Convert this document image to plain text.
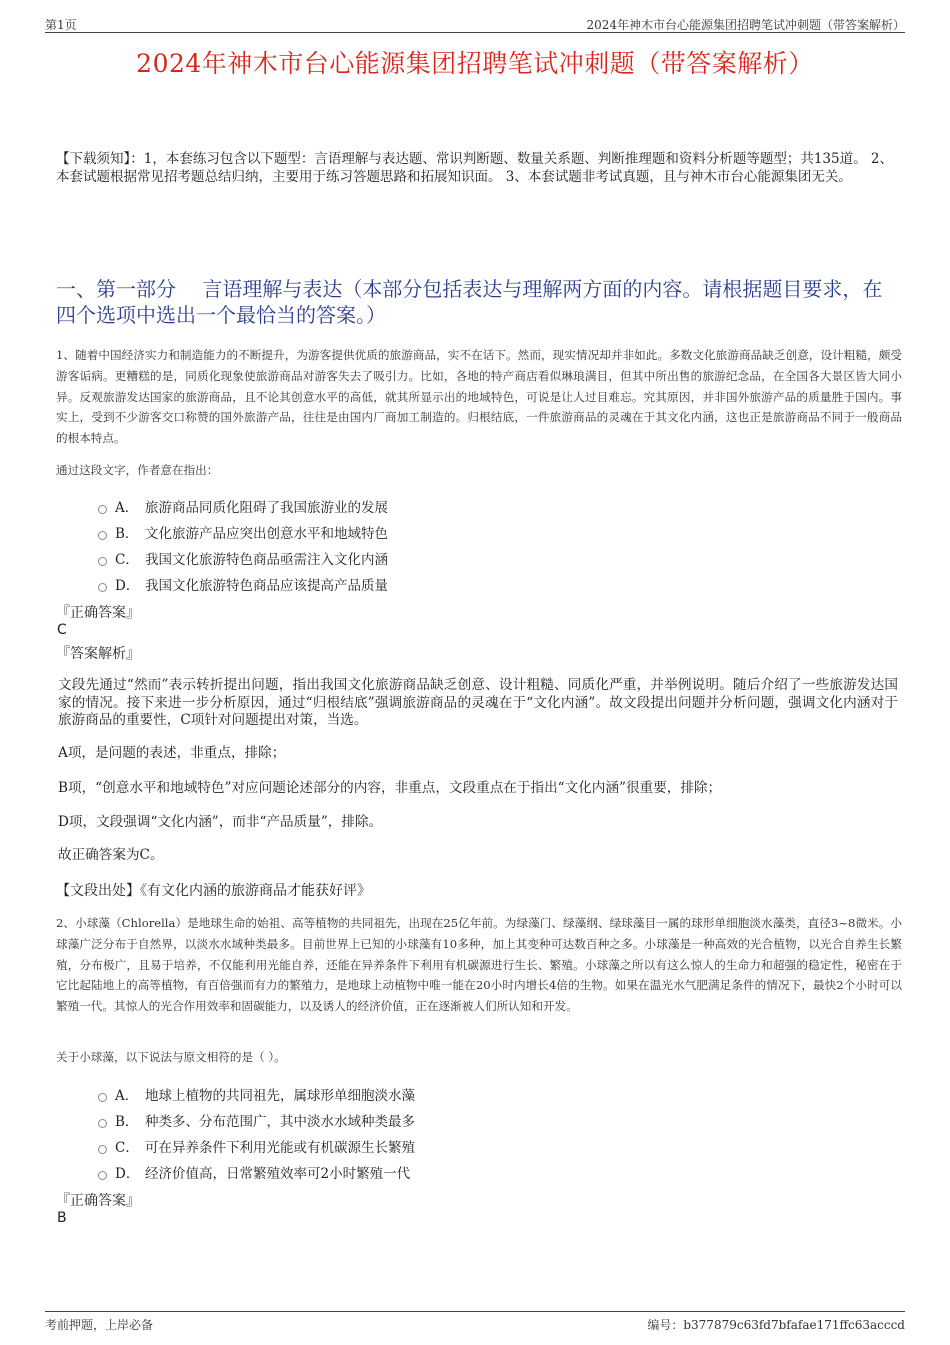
第1页	2024年神木市台心能源集团招聘笔试冲刺题（带答案解析）
2024年神木市台心能源集团招聘笔试冲刺题（带答案解析）
【下载须知】：1，本套练习包含以下题型：言语理解与表达题、常识判断题、数量关系题、判断推理题和资料分析题等题型；共135道。 2、本套试题根据常见招考题总结归纳，主要用于练习答题思路和拓展知识面。 3、本套试题非考试真题，且与神木市台心能源集团无关。
一、第一部分　 言语理解与表达（本部分包括表达与理解两方面的内容。请根据题目要求，在四个选项中选出一个最恰当的答案。）
1、随着中国经济实力和制造能力的不断提升，为游客提供优质的旅游商品，实不在话下。然而，现实情况却并非如此。多数文化旅游商品缺乏创意，设计粗糙，颇受游客诟病。更糟糕的是，同质化现象使旅游商品对游客失去了吸引力。比如，各地的特产商店看似琳琅满目，但其中所出售的旅游纪念品，在全国各大景区皆大同小异。反观旅游发达国家的旅游商品，且不论其创意水平的高低，就其所显示出的地域特色，可说是让人过目难忘。究其原因，并非国外旅游产品的质量胜于国内。事实上，受到不少游客交口称赞的国外旅游产品，往往是由国内厂商加工制造的。归根结底，一件旅游商品的灵魂在于其文化内涵，这也正是旅游商品不同于一般商品的根本特点。
通过这段文字，作者意在指出：
A． 旅游商品同质化阻碍了我国旅游业的发展
B． 文化旅游产品应突出创意水平和地域特色
C． 我国文化旅游特色商品亟需注入文化内涵
D． 我国文化旅游特色商品应该提高产品质量
『正确答案』
C
『答案解析』
文段先通过“然而”表示转折提出问题，指出我国文化旅游商品缺乏创意、设计粗糙、同质化严重，并举例说明。随后介绍了一些旅游发达国家的情况。接下来进一步分析原因，通过“归根结底”强调旅游商品的灵魂在于“文化内涵”。故文段提出问题并分析问题，强调文化内涵对于旅游商品的重要性，C项针对问题提出对策，当选。
A项，是问题的表述，非重点，排除；
B项，“创意水平和地域特色”对应问题论述部分的内容，非重点，文段重点在于指出“文化内涵”很重要，排除；
D项，文段强调“文化内涵”，而非“产品质量”，排除。
故正确答案为C。
【文段出处】《有文化内涵的旅游商品才能获好评》
2、小球藻（Chlorella）是地球生命的始祖、高等植物的共同祖先，出现在25亿年前。为绿藻门、绿藻纲、绿球藻目一属的球形单细胞淡水藻类，直径3~8微米。小球藻广泛分布于自然界，以淡水水域种类最多。目前世界上已知的小球藻有10多种，加上其变种可达数百种之多。小球藻是一种高效的光合植物，以光合自养生长繁殖，分布极广，且易于培养，不仅能利用光能自养，还能在异养条件下利用有机碳源进行生长、繁殖。小球藻之所以有这么惊人的生命力和超强的稳定性，秘密在于它比起陆地上的高等植物，有百倍强而有力的繁殖力，是地球上动植物中唯一能在20小时内增长4倍的生物。如果在温光水气肥满足条件的情况下，最快2个小时可以繁殖一代。其惊人的光合作用效率和固碳能力，以及诱人的经济价值，正在逐渐被人们所认知和开发。
关于小球藻，以下说法与原文相符的是（ ）。
A． 地球上植物的共同祖先，属球形单细胞淡水藻
B． 种类多、分布范围广，其中淡水水域种类最多
C． 可在异养条件下利用光能或有机碳源生长繁殖
D． 经济价值高，日常繁殖效率可2小时繁殖一代
『正确答案』
B
考前押题，上岸必备	编号：b377879c63fd7bfafae171ffc63acccd
